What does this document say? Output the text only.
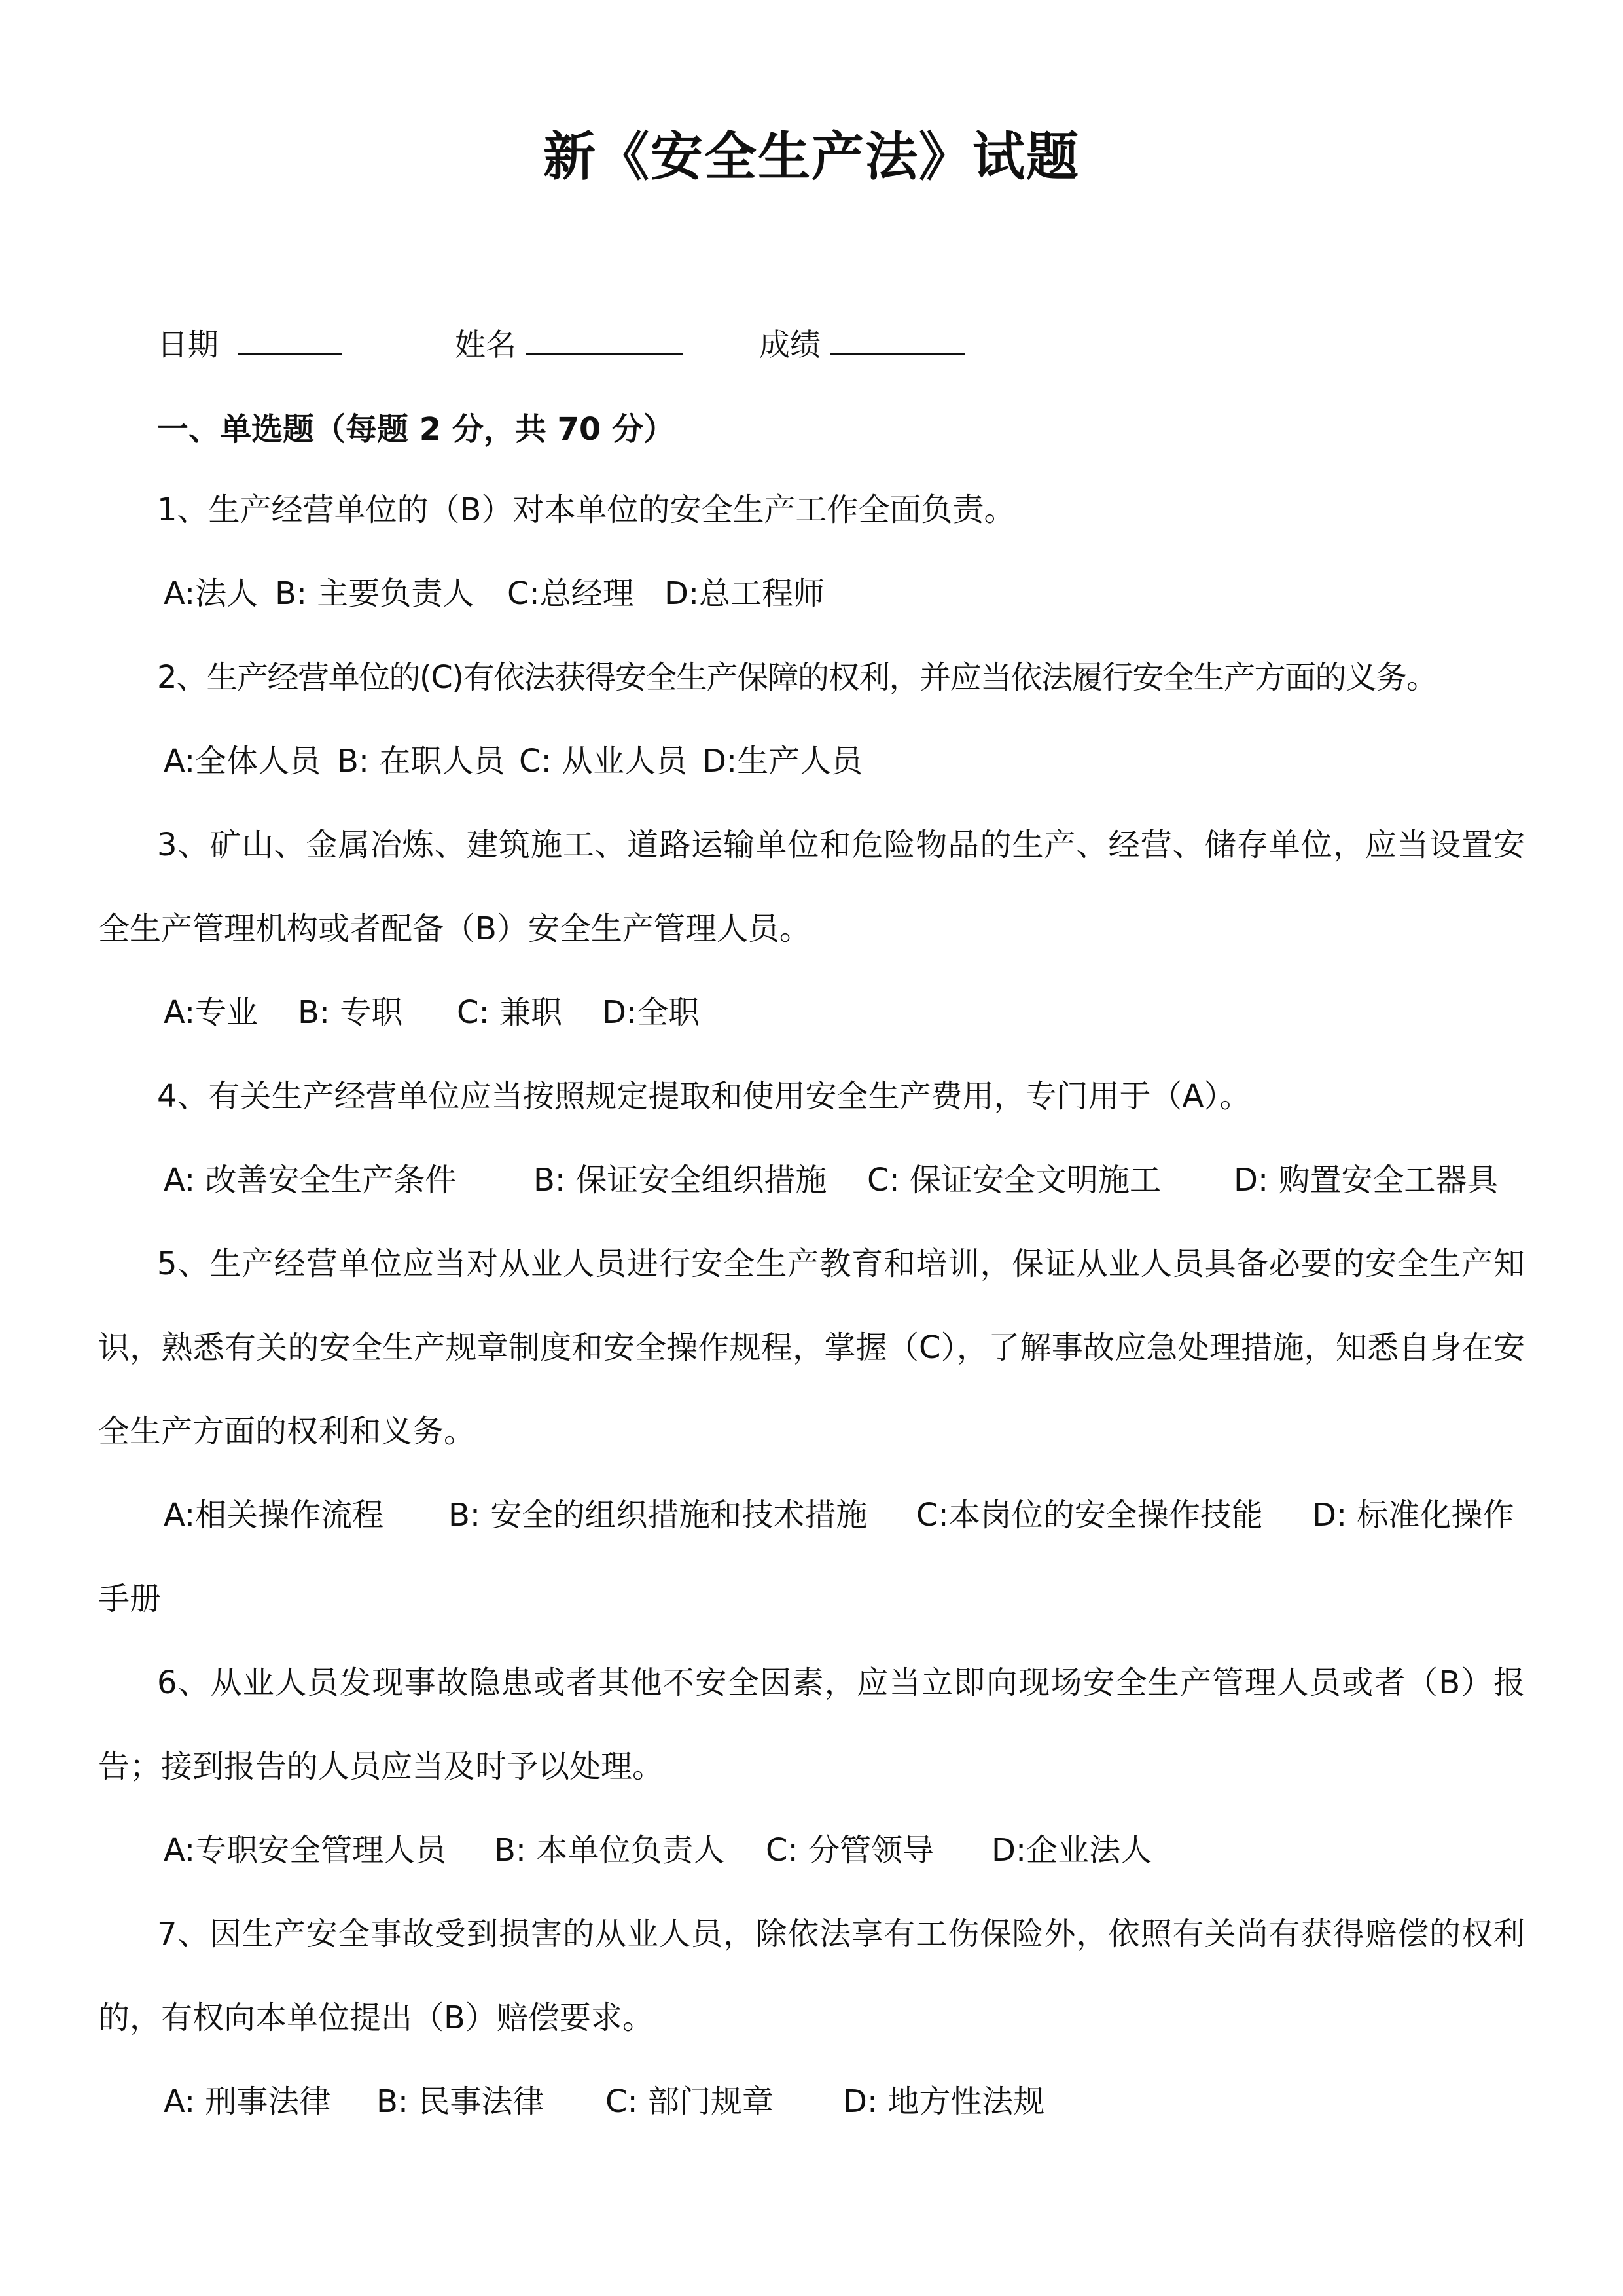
新《安全生产法》试题
日期	姓名	成绩
一、单选题（每题 2 分，共 70 分）

1、生产经营单位的（B）对本单位的安全生产工作全面负责。

A:法人 B: 主要负责人 C:总经理 D:总工程师

2、生产经营单位的(C)有依法获得安全生产保障的权利，并应当依法履行安全生产方面的义务。

A:全体人员 B: 在职人员 C: 从业人员 D:生产人员

3、矿山、金属冶炼、建筑施工、道路运输单位和危险物品的生产、经营、储存单位，应当设置安全生产管理机构或者配备（B）安全生产管理人员。

A:专业 B: 专职 C: 兼职 D:全职

4、有关生产经营单位应当按照规定提取和使用安全生产费用，专门用于（A）。

A: 改善安全生产条件 B: 保证安全组织措施 C: 保证安全文明施工 D: 购置安全工器具

5、生产经营单位应当对从业人员进行安全生产教育和培训，保证从业人员具备必要的安全生产知识，熟悉有关的安全生产规章制度和安全操作规程，掌握（C），了解事故应急处理措施，知悉自身在安全生产方面的权利和义务。

A:相关操作流程 B: 安全的组织措施和技术措施 C:本岗位的安全操作技能	D: 标准化操作手册

6、从业人员发现事故隐患或者其他不安全因素，应当立即向现场安全生产管理人员或者（B）报告；接到报告的人员应当及时予以处理。

A:专职安全管理人员 B: 本单位负责人 C: 分管领导 D:企业法人

7、因生产安全事故受到损害的从业人员，除依法享有工伤保险外，依照有关尚有获得赔偿的权利的，有权向本单位提出（B）赔偿要求。

A: 刑事法律 B: 民事法律 C: 部门规章 D: 地方性法规
